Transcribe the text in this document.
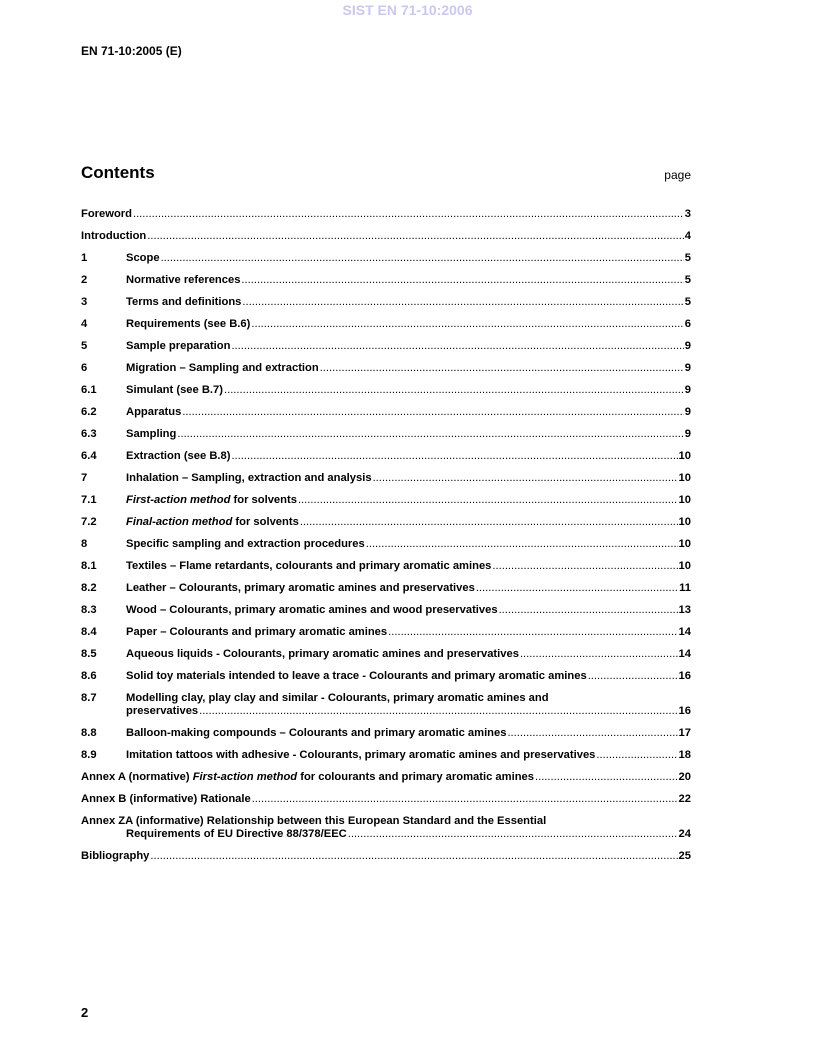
SIST EN 71-10:2006
EN 71-10:2005 (E)
Contents	page
Foreword .....	3
Introduction .....	4
1	Scope .....	5
2	Normative references .....	5
3	Terms and definitions .....	5
4	Requirements (see B.6) .....	6
5	Sample preparation .....	9
6	Migration – Sampling and extraction .....	9
6.1	Simulant (see B.7) .....	9
6.2	Apparatus .....	9
6.3	Sampling .....	9
6.4	Extraction (see B.8) .....	10
7	Inhalation – Sampling, extraction and analysis .....	10
7.1	First-action method for solvents .....	10
7.2	Final-action method for solvents .....	10
8	Specific sampling and extraction procedures .....	10
8.1	Textiles – Flame retardants, colourants and primary aromatic amines .....	10
8.2	Leather – Colourants, primary aromatic amines and preservatives .....	11
8.3	Wood – Colourants, primary aromatic amines and wood preservatives .....	13
8.4	Paper – Colourants and primary aromatic amines .....	14
8.5	Aqueous liquids - Colourants, primary aromatic amines and preservatives .....	14
8.6	Solid toy materials intended to leave a trace - Colourants and primary aromatic amines .....	16
8.7	Modelling clay, play clay and similar - Colourants, primary aromatic amines and
preservatives .....	16
8.8	Balloon-making compounds – Colourants and primary aromatic amines .....	17
8.9	Imitation tattoos with adhesive - Colourants, primary aromatic amines and preservatives .....	18
Annex A (normative) First-action method for colourants and primary aromatic amines .....	20
Annex B (informative) Rationale .....	22
Annex ZA (informative) Relationship between this European Standard and the Essential
Requirements of EU Directive 88/378/EEC .....	24
Bibliography .....	25
2
